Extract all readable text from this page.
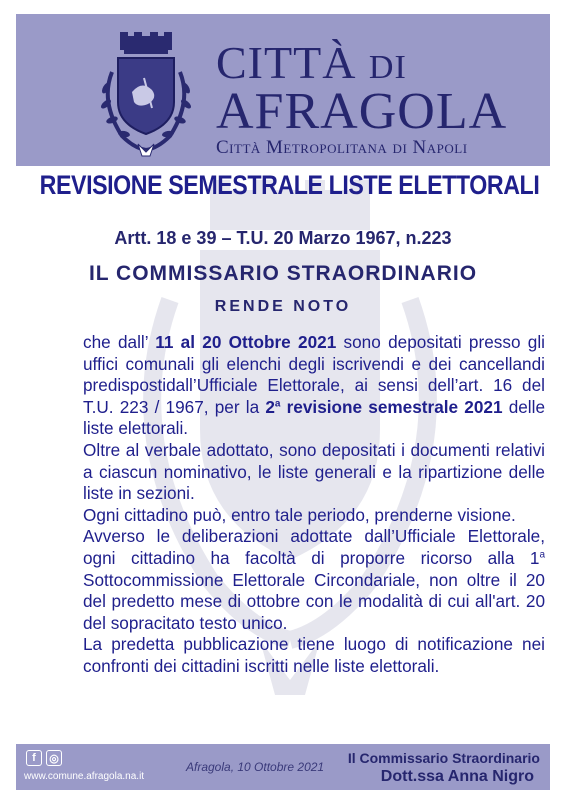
CITTÀ DI
AFRAGOLA
Città Metropolitana di Napoli
REVISIONE SEMESTRALE LISTE ELETTORALI
Artt. 18 e 39 – T.U. 20 Marzo 1967, n.223
IL COMMISSARIO STRAORDINARIO
RENDE NOTO

che dall’ 11 al 20 Ottobre 2021 sono depositati presso gli uffici comunali gli elenchi degli iscrivendi e dei cancellandi predispostidall’Ufficiale Elettorale, ai sensi dell’art. 16 del T.U. 223 / 1967, per la 2$^a$ revisione semestrale 2021 delle liste elettorali.

Oltre al verbale adottato, sono depositati i documenti relativi a ciascun nominativo, le liste generali e la ripartizione delle liste in sezioni.

Ogni cittadino può, entro tale periodo, prenderne visione.

Avverso le deliberazioni adottate dall’Ufficiale Elettorale, ogni cittadino ha facoltà di proporre ricorso alla 1$^a$ Sottocommissione Elettorale Circondariale, non oltre il 20 del predetto mese di ottobre con le modalità di cui all'art. 20 del sopracitato testo unico.

La predetta pubblicazione tiene luogo di notificazione nei confronti dei cittadini iscritti nelle liste elettorali.

f	◎
www.comune.afragola.na.it
Afragola, 10 Ottobre 2021
Il Commissario Straordinario
Dott.ssa Anna Nigro
